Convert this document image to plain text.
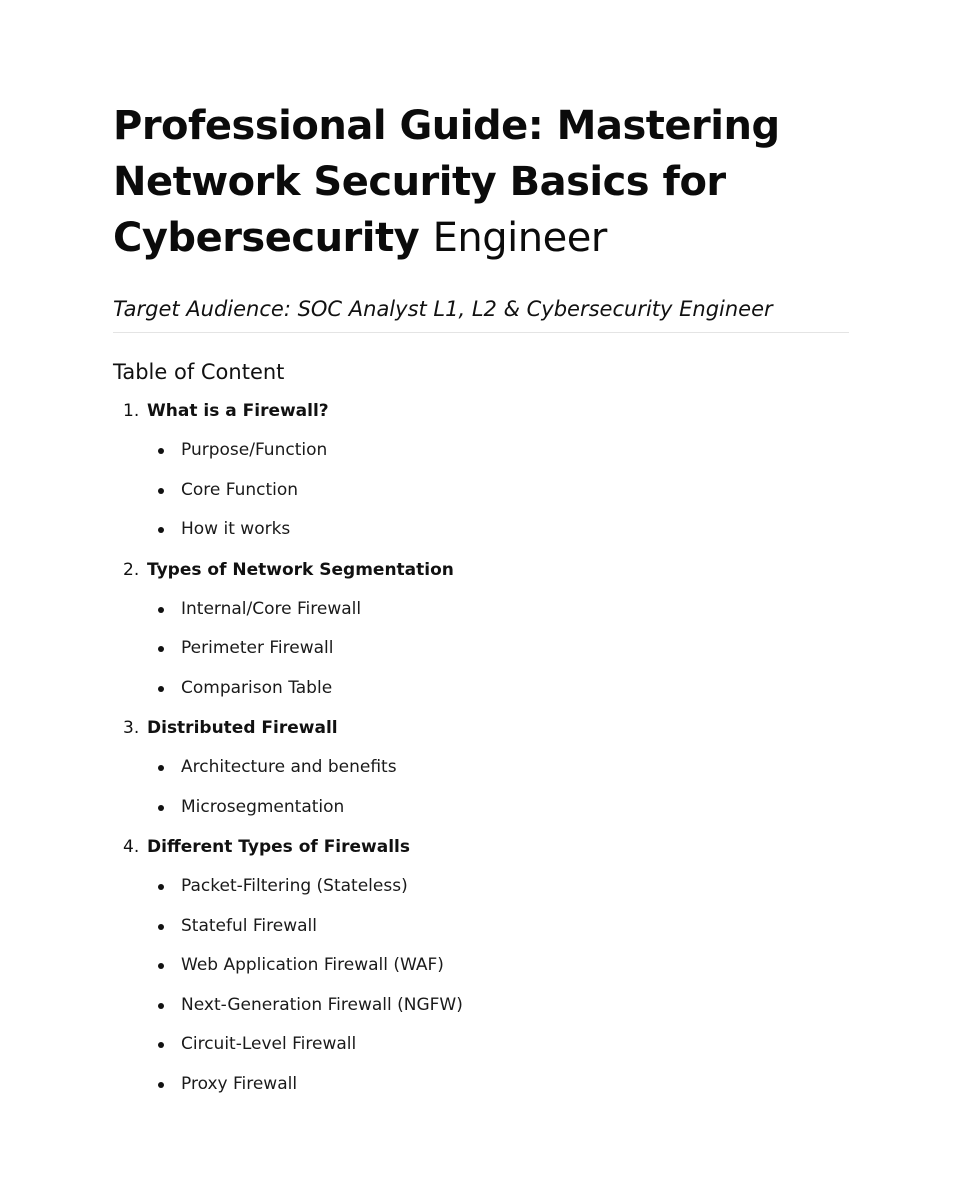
Professional Guide: Mastering Network Security Basics for Cybersecurity Engineer
Target Audience: SOC Analyst L1, L2 & Cybersecurity Engineer
Table of Content
1. What is a Firewall?
Purpose/Function
Core Function
How it works
2. Types of Network Segmentation
Internal/Core Firewall
Perimeter Firewall
Comparison Table
3. Distributed Firewall
Architecture and benefits
Microsegmentation
4. Different Types of Firewalls
Packet-Filtering (Stateless)
Stateful Firewall
Web Application Firewall (WAF)
Next-Generation Firewall (NGFW)
Circuit-Level Firewall
Proxy Firewall
